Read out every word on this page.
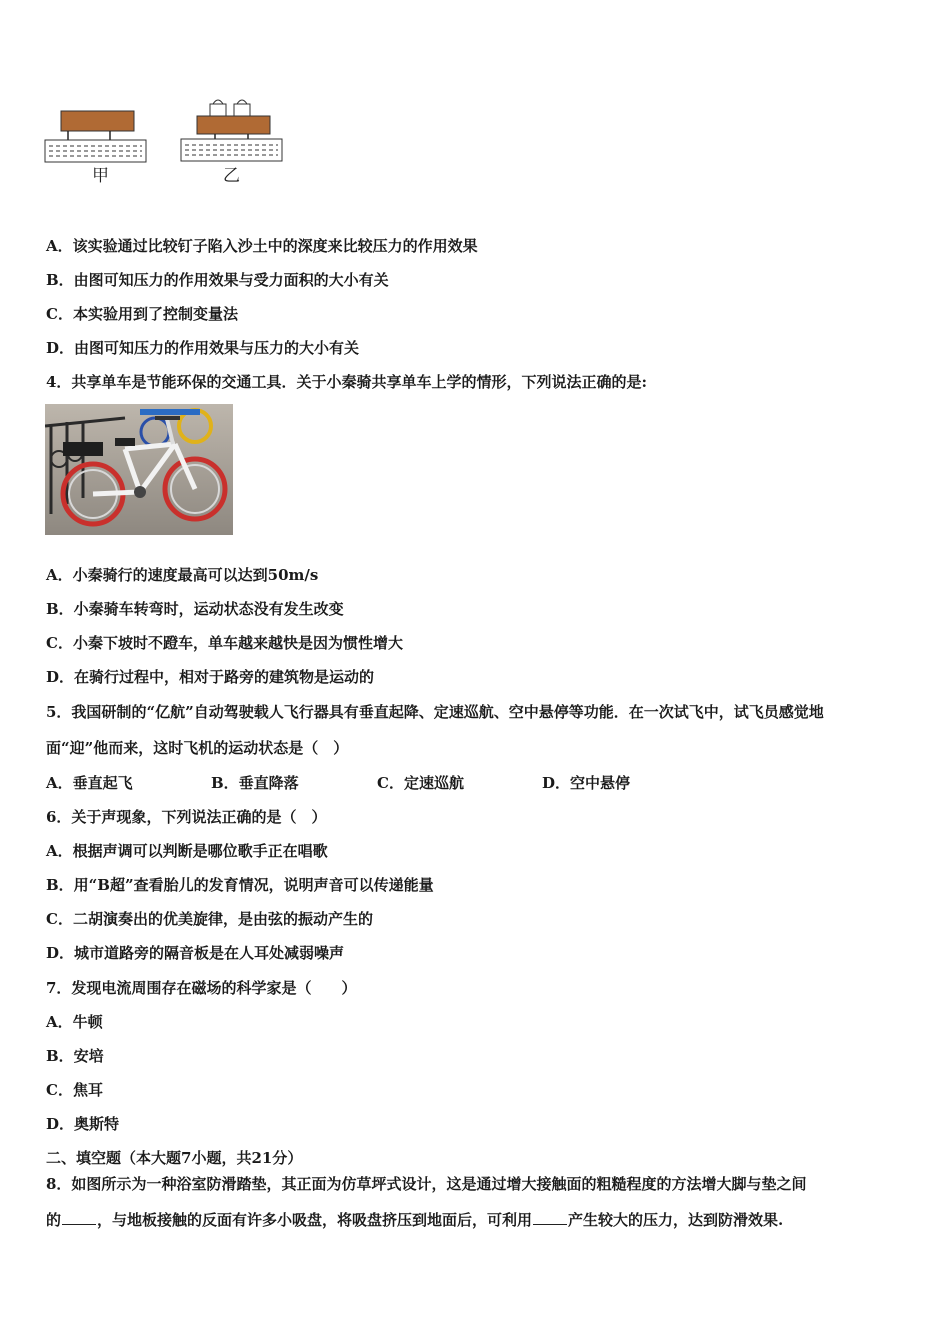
甲	乙
A．该实验通过比较钉子陷入沙土中的深度来比较压力的作用效果
B．由图可知压力的作用效果与受力面积的大小有关
C．本实验用到了控制变量法
D．由图可知压力的作用效果与压力的大小有关
4．共享单车是节能环保的交通工具．关于小秦骑共享单车上学的情形，下列说法正确的是:
A．小秦骑行的速度最高可以达到50m/s
B．小秦骑车转弯时，运动状态没有发生改变
C．小秦下坡时不蹬车，单车越来越快是因为惯性增大
D．在骑行过程中，相对于路旁的建筑物是运动的
5．我国研制的“亿航”自动驾驶载人飞行器具有垂直起降、定速巡航、空中悬停等功能．在一次试飞中，试飞员感觉地
面“迎”他而来，这时飞机的运动状态是（　）
A．垂直起飞	B．垂直降落	C．定速巡航	D．空中悬停
6．关于声现象，下列说法正确的是（　）
A．根据声调可以判断是哪位歌手正在唱歌
B．用“B超”查看胎儿的发育情况，说明声音可以传递能量
C．二胡演奏出的优美旋律，是由弦的振动产生的
D．城市道路旁的隔音板是在人耳处减弱噪声
7．发现电流周围存在磁场的科学家是（　　）
A．牛顿
B．安培
C．焦耳
D．奥斯特
二、填空题（本大题7小题，共21分）
8．如图所示为一种浴室防滑踏垫，其正面为仿草坪式设计，这是通过增大接触面的粗糙程度的方法增大脚与垫之间
的 ，与地板接触的反面有许多小吸盘，将吸盘挤压到地面后，可利用 产生较大的压力，达到防滑效果.
